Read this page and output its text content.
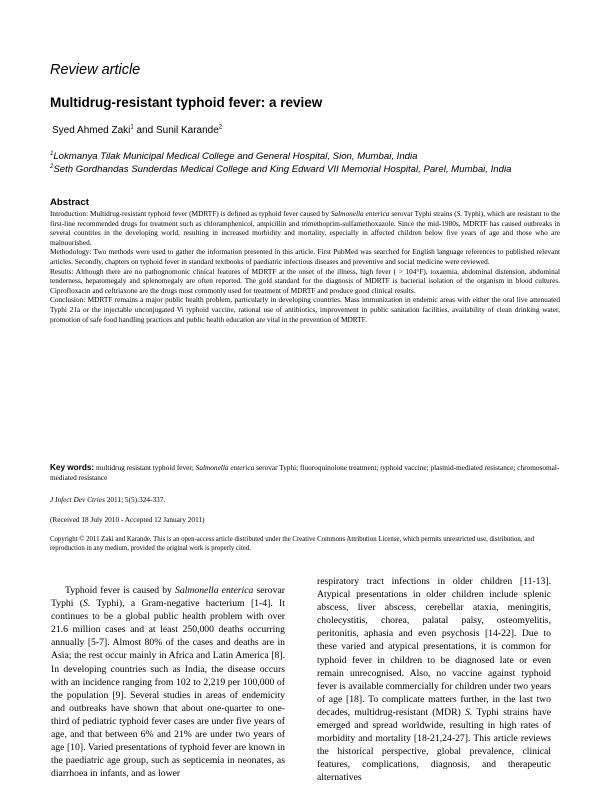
Review article
Multidrug-resistant typhoid fever: a review
Syed Ahmed Zaki$^1$ and Sunil Karande$^2$
$^1$Lokmanya Tilak Municipal Medical College and General Hospital, Sion, Mumbai, India
$^2$Seth Gordhandas Sunderdas Medical College and King Edward VII Memorial Hospital, Parel, Mumbai, India
Abstract

Introduction: Multidrug-resistant typhoid fever (MDRTF) is defined as typhoid fever caused by Salmonella enterica serovar Typhi strains (S. Typhi), which are resistant to the first-line recommended drugs for treatment such as chloramphenicol, ampicillin and trimethoprim-sulfamethoxazole. Since the mid-1980s, MDRTF has caused outbreaks in several countries in the developing world, resulting in increased morbidity and mortality, especially in affected children below five years of age and those who are malnourished.

Methodology: Two methods were used to gather the information presented in this article. First PubMed was searched for English language references to published relevant articles. Secondly, chapters on typhoid fever in standard textbooks of paediatric infectious diseases and preventive and social medicine were reviewed.

Results: Although there are no pathognomonic clinical features of MDRTF at the onset of the illness, high fever ( > 104°F), toxaemia, abdominal distension, abdominal tenderness, hepatomegaly and splenomegaly are often reported. The gold standard for the diagnosis of MDRTF is bacterial isolation of the organism in blood cultures. Ciprofloxacin and ceftriaxone are the drugs most commonly used for treatment of MDRTF and produce good clinical results.

Conclusion: MDRTF remains a major public health problem, particularly in developing countries. Mass immunization in endemic areas with either the oral live attenuated Typhi 21a or the injectable unconjugated Vi typhoid vaccine, rational use of antibiotics, improvement in public sanitation facilities, availability of clean drinking water, promotion of safe food handling practices and public health education are vital in the prevention of MDRTF.

Key words: multidrug resistant typhoid fever; Salmonella enterica serovar Typhi; fluoroquinolone treatment; typhoid vaccine; plasmid-mediated resistance; chromosomal-mediated resistance
J Infect Dev Ctries 2011; 5(5):324-337.
(Received 18 July 2010 - Accepted 12 January 2011)
Copyright © 2011 Zaki and Karande. This is an open-access article distributed under the Creative Commons Attribution License, which permits unrestricted use, distribution, and reproduction in any medium, provided the original work is properly cited.
Typhoid fever is caused by Salmonella enterica serovar Typhi (S. Typhi), a Gram-negative bacterium [1-4]. It continues to be a global public health problem with over 21.6 million cases and at least 250,000 deaths occurring annually [5-7]. Almost 80% of the cases and deaths are in Asia; the rest occur mainly in Africa and Latin America [8]. In developing countries such as India, the disease occurs with an incidence ranging from 102 to 2,219 per 100,000 of the population [9]. Several studies in areas of endemicity and outbreaks have shown that about one-quarter to one-third of pediatric typhoid fever cases are under five years of age, and that between 6% and 21% are under two years of age [10]. Varied presentations of typhoid fever are known in the paediatric age group, such as septicemia in neonates, as diarrhoea in infants, and as lower
respiratory tract infections in older children [11-13]. Atypical presentations in older children include splenic abscess, liver abscess, cerebellar ataxia, meningitis, cholecystitis, chorea, palatal palsy, osteomyelitis, peritonitis, aphasia and even psychosis [14-22]. Due to these varied and atypical presentations, it is common for typhoid fever in children to be diagnosed late or even remain unrecognised. Also, no vaccine against typhoid fever is available commercially for children under two years of age [18]. To complicate matters further, in the last two decades, multidrug-resistant (MDR) S. Typhi strains have emerged and spread worldwide, resulting in high rates of morbidity and mortality [18-21,24-27]. This article reviews the historical perspective, global prevalence, clinical features, complications, diagnosis, and therapeutic alternatives
